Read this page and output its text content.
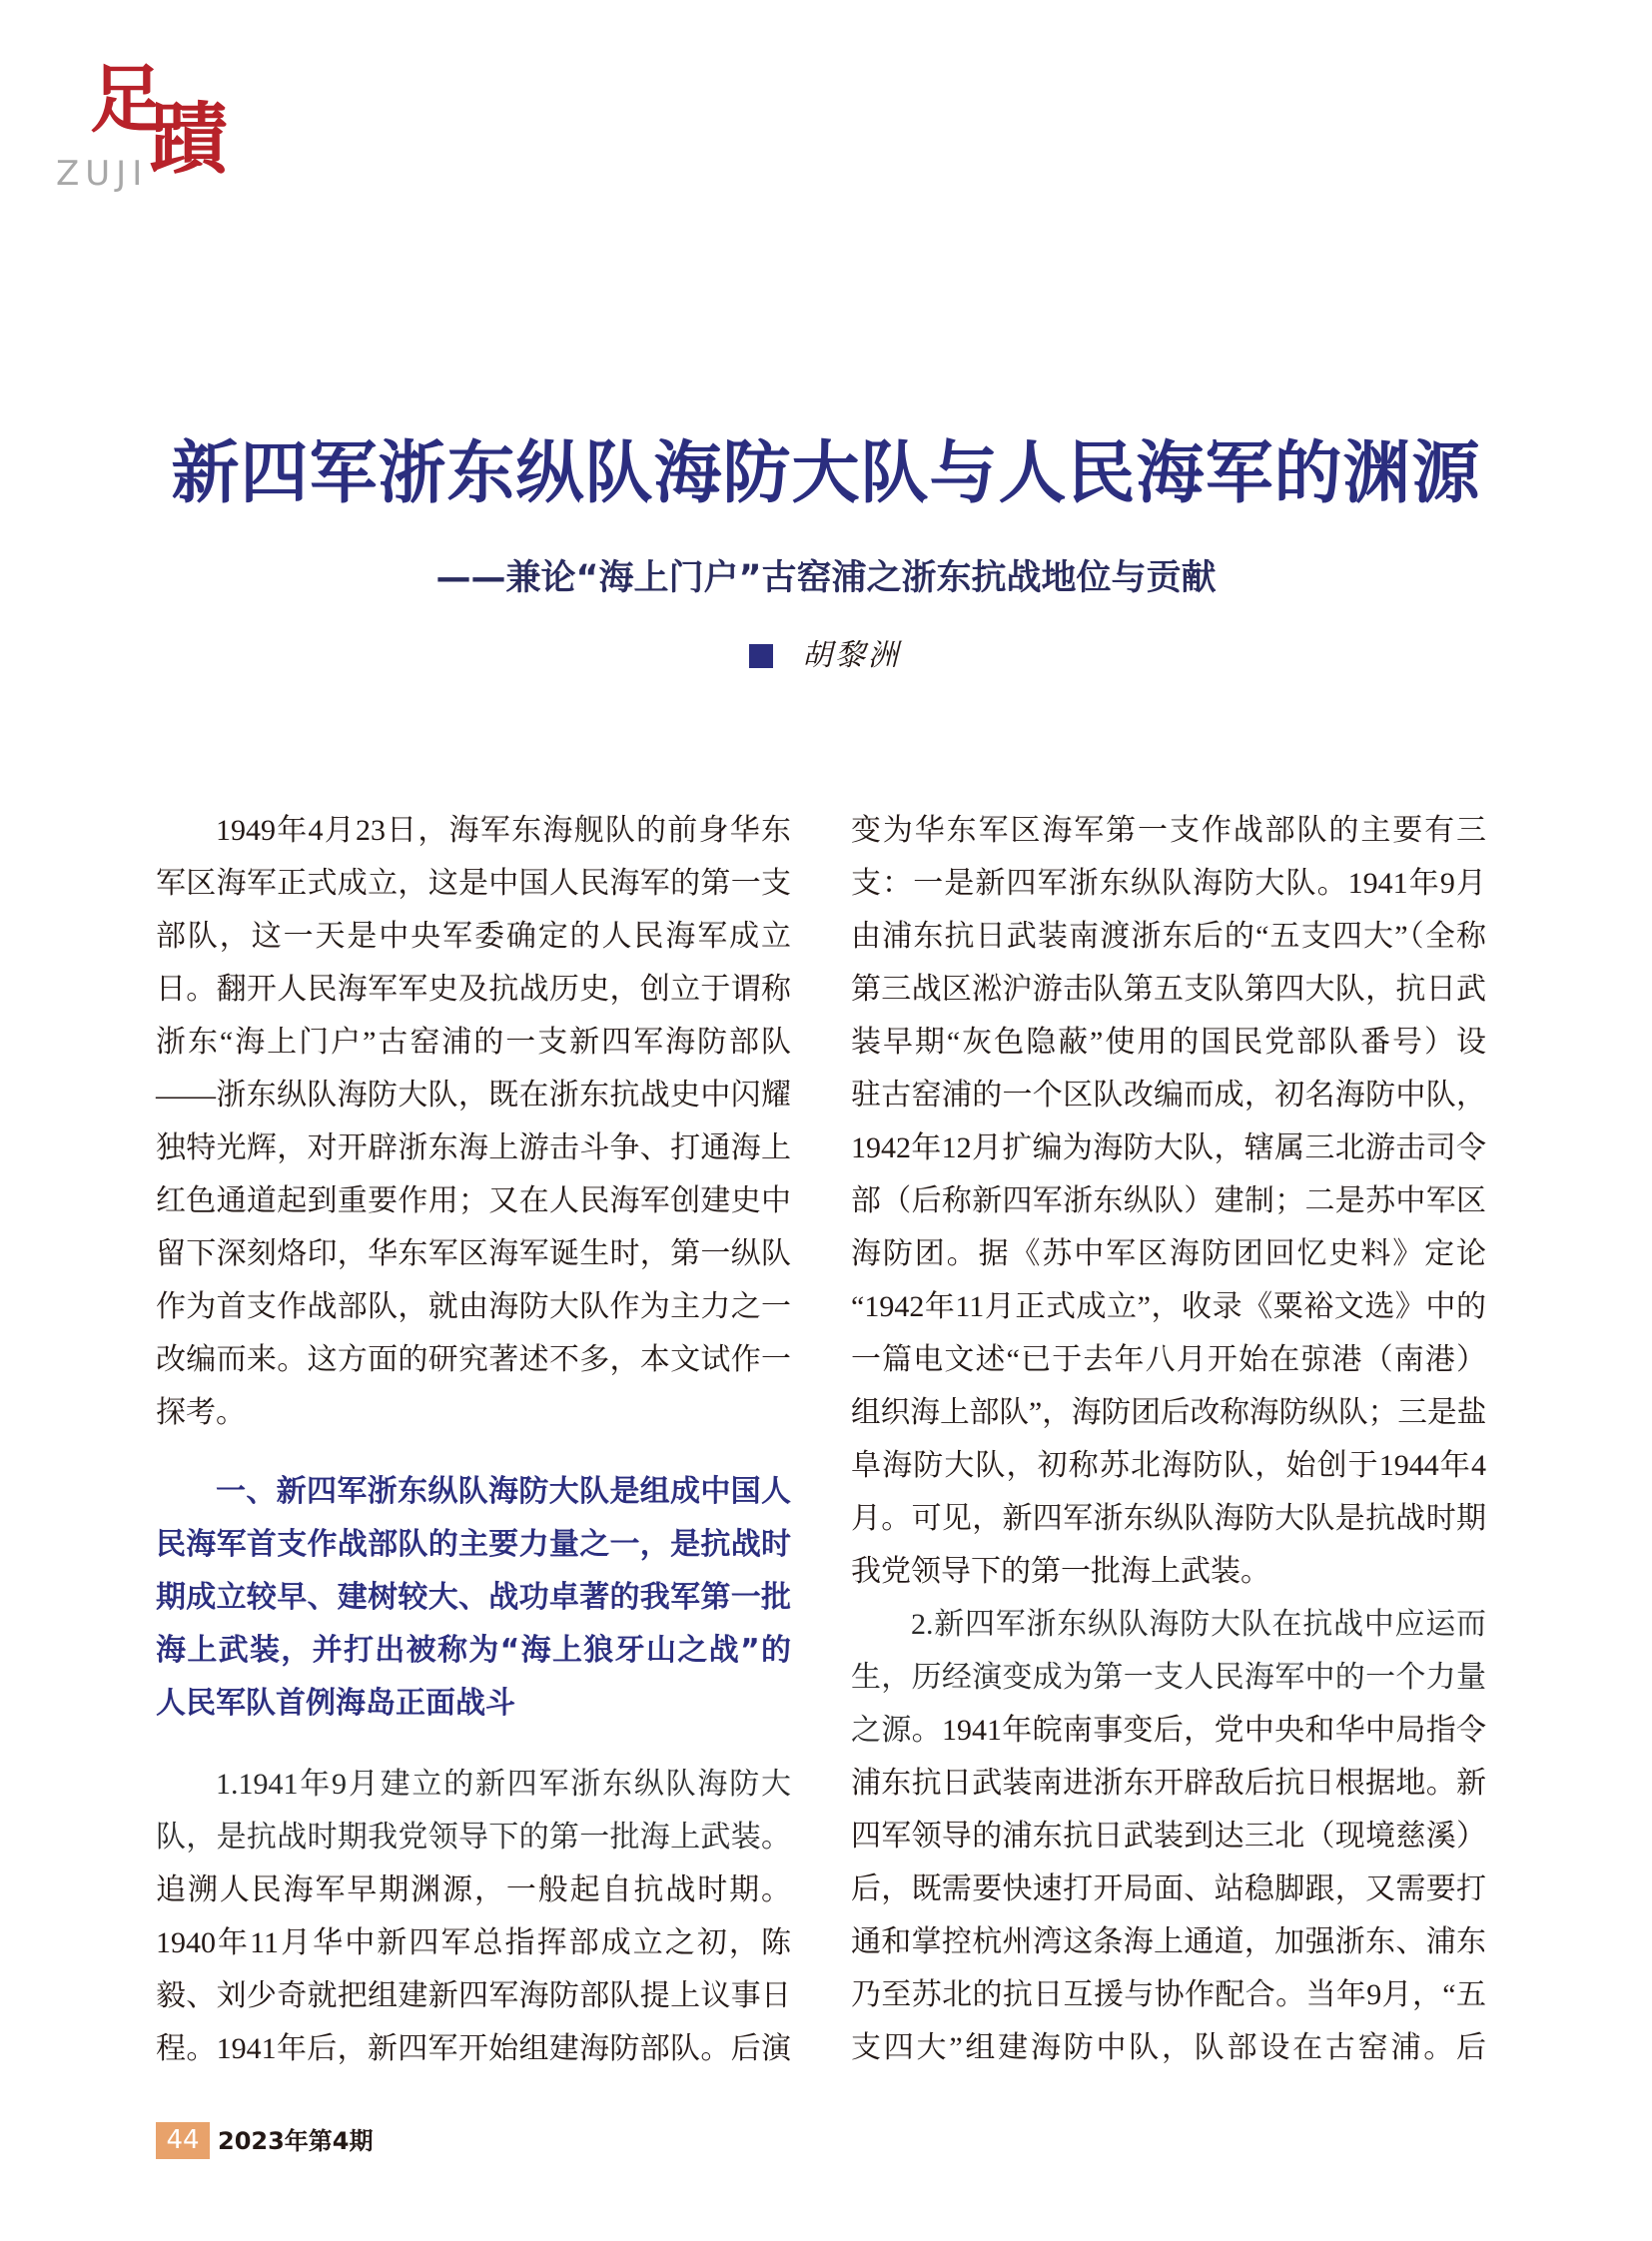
足
蹟
ZUJI
新四军浙东纵队海防大队与人民海军的渊源
——兼论“海上门户”古窑浦之浙东抗战地位与贡献
胡黎洲
1949年4月23日，海军东海舰队的前身华东
军区海军正式成立，这是中国人民海军的第一支
部队，这一天是中央军委确定的人民海军成立
日。翻开人民海军军史及抗战历史，创立于谓称
浙东“海上门户”古窑浦的一支新四军海防部队
——浙东纵队海防大队，既在浙东抗战史中闪耀
独特光辉，对开辟浙东海上游击斗争、打通海上
红色通道起到重要作用；又在人民海军创建史中
留下深刻烙印，华东军区海军诞生时，第一纵队
作为首支作战部队，就由海防大队作为主力之一
改编而来。这方面的研究著述不多，本文试作一
探考。
一、新四军浙东纵队海防大队是组成中国人
民海军首支作战部队的主要力量之一，是抗战时
期成立较早、建树较大、战功卓著的我军第一批
海上武装，并打出被称为“海上狼牙山之战”的
人民军队首例海岛正面战斗
1.1941年9月建立的新四军浙东纵队海防大
队，是抗战时期我党领导下的第一批海上武装。
追溯人民海军早期渊源，一般起自抗战时期。
1940年11月华中新四军总指挥部成立之初，陈
毅、刘少奇就把组建新四军海防部队提上议事日
程。1941年后，新四军开始组建海防部队。后演
变为华东军区海军第一支作战部队的主要有三
支：一是新四军浙东纵队海防大队。1941年9月
由浦东抗日武装南渡浙东后的“五支四大”（全称
第三战区淞沪游击队第五支队第四大队，抗日武
装早期“灰色隐蔽”使用的国民党部队番号）设
驻古窑浦的一个区队改编而成，初名海防中队，
1942年12月扩编为海防大队，辖属三北游击司令
部（后称新四军浙东纵队）建制；二是苏中军区
海防团。据《苏中军区海防团回忆史料》定论
“1942年11月正式成立”，收录《粟裕文选》中的
一篇电文述“已于去年八月开始在弶港（南港）
组织海上部队”，海防团后改称海防纵队；三是盐
阜海防大队，初称苏北海防队，始创于1944年4
月。可见，新四军浙东纵队海防大队是抗战时期
我党领导下的第一批海上武装。
2.新四军浙东纵队海防大队在抗战中应运而
生，历经演变成为第一支人民海军中的一个力量
之源。1941年皖南事变后，党中央和华中局指令
浦东抗日武装南进浙东开辟敌后抗日根据地。新
四军领导的浦东抗日武装到达三北（现境慈溪）
后，既需要快速打开局面、站稳脚跟，又需要打
通和掌控杭州湾这条海上通道，加强浙东、浦东
乃至苏北的抗日互援与协作配合。当年9月，“五
支四大”组建海防中队，队部设在古窑浦。后
44 2023年第4期
